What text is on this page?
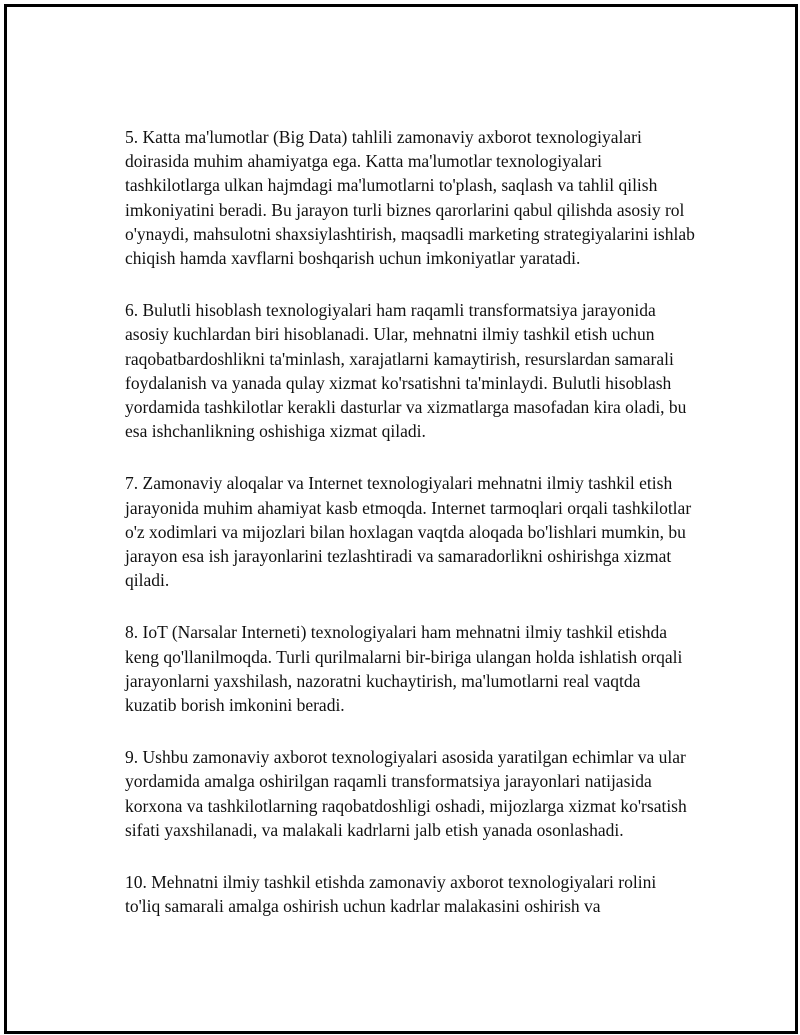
5. Katta ma'lumotlar (Big Data) tahlili zamonaviy axborot texnologiyalari doirasida muhim ahamiyatga ega. Katta ma'lumotlar texnologiyalari tashkilotlarga ulkan hajmdagi ma'lumotlarni to'plash, saqlash va tahlil qilish imkoniyatini beradi. Bu jarayon turli biznes qarorlarini qabul qilishda asosiy rol o'ynaydi, mahsulotni shaxsiylashtirish, maqsadli marketing strategiyalarini ishlab chiqish hamda xavflarni boshqarish uchun imkoniyatlar yaratadi.

6. Bulutli hisoblash texnologiyalari ham raqamli transformatsiya jarayonida asosiy kuchlardan biri hisoblanadi. Ular, mehnatni ilmiy tashkil etish uchun raqobatbardoshlikni ta'minlash, xarajatlarni kamaytirish, resurslardan samarali foydalanish va yanada qulay xizmat ko'rsatishni ta'minlaydi. Bulutli hisoblash yordamida tashkilotlar kerakli dasturlar va xizmatlarga masofadan kira oladi, bu esa ishchanlikning oshishiga xizmat qiladi.

7. Zamonaviy aloqalar va Internet texnologiyalari mehnatni ilmiy tashkil etish jarayonida muhim ahamiyat kasb etmoqda. Internet tarmoqlari orqali tashkilotlar o'z xodimlari va mijozlari bilan hoxlagan vaqtda aloqada bo'lishlari mumkin, bu jarayon esa ish jarayonlarini tezlashtiradi va samaradorlikni oshirishga xizmat qiladi.

8. IoT (Narsalar Interneti) texnologiyalari ham mehnatni ilmiy tashkil etishda keng qo'llanilmoqda. Turli qurilmalarni bir-biriga ulangan holda ishlatish orqali jarayonlarni yaxshilash, nazoratni kuchaytirish, ma'lumotlarni real vaqtda kuzatib borish imkonini beradi.

9. Ushbu zamonaviy axborot texnologiyalari asosida yaratilgan echimlar va ular yordamida amalga oshirilgan raqamli transformatsiya jarayonlari natijasida korxona va tashkilotlarning raqobatdoshligi oshadi, mijozlarga xizmat ko'rsatish sifati yaxshilanadi, va malakali kadrlarni jalb etish yanada osonlashadi.

10. Mehnatni ilmiy tashkil etishda zamonaviy axborot texnologiyalari rolini to'liq samarali amalga oshirish uchun kadrlar malakasini oshirish va
